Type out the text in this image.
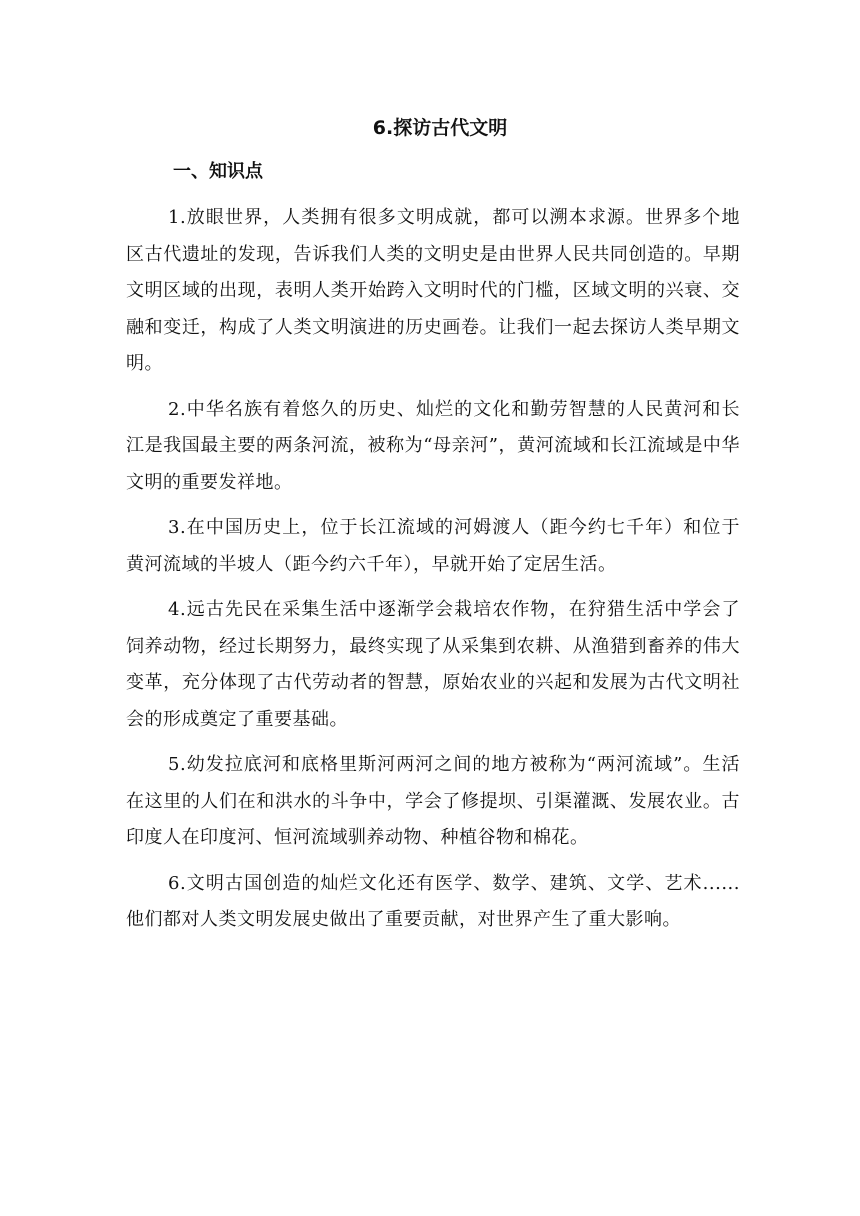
6.探访古代文明
一、知识点

1.放眼世界，人类拥有很多文明成就，都可以溯本求源。世界多个地区古代遗址的发现，告诉我们人类的文明史是由世界人民共同创造的。早期文明区域的出现，表明人类开始跨入文明时代的门槛，区域文明的兴衰、交融和变迁，构成了人类文明演进的历史画卷。让我们一起去探访人类早期文明。

2.中华名族有着悠久的历史、灿烂的文化和勤劳智慧的人民黄河和长江是我国最主要的两条河流，被称为“母亲河”，黄河流域和长江流域是中华文明的重要发祥地。

3.在中国历史上，位于长江流域的河姆渡人（距今约七千年）和位于黄河流域的半坡人（距今约六千年），早就开始了定居生活。

4.远古先民在采集生活中逐渐学会栽培农作物，在狩猎生活中学会了饲养动物，经过长期努力，最终实现了从采集到农耕、从渔猎到畜养的伟大变革，充分体现了古代劳动者的智慧，原始农业的兴起和发展为古代文明社会的形成奠定了重要基础。

5.幼发拉底河和底格里斯河两河之间的地方被称为“两河流域”。生活在这里的人们在和洪水的斗争中，学会了修提坝、引渠灌溉、发展农业。古印度人在印度河、恒河流域驯养动物、种植谷物和棉花。

6.文明古国创造的灿烂文化还有医学、数学、建筑、文学、艺术......他们都对人类文明发展史做出了重要贡献，对世界产生了重大影响。
